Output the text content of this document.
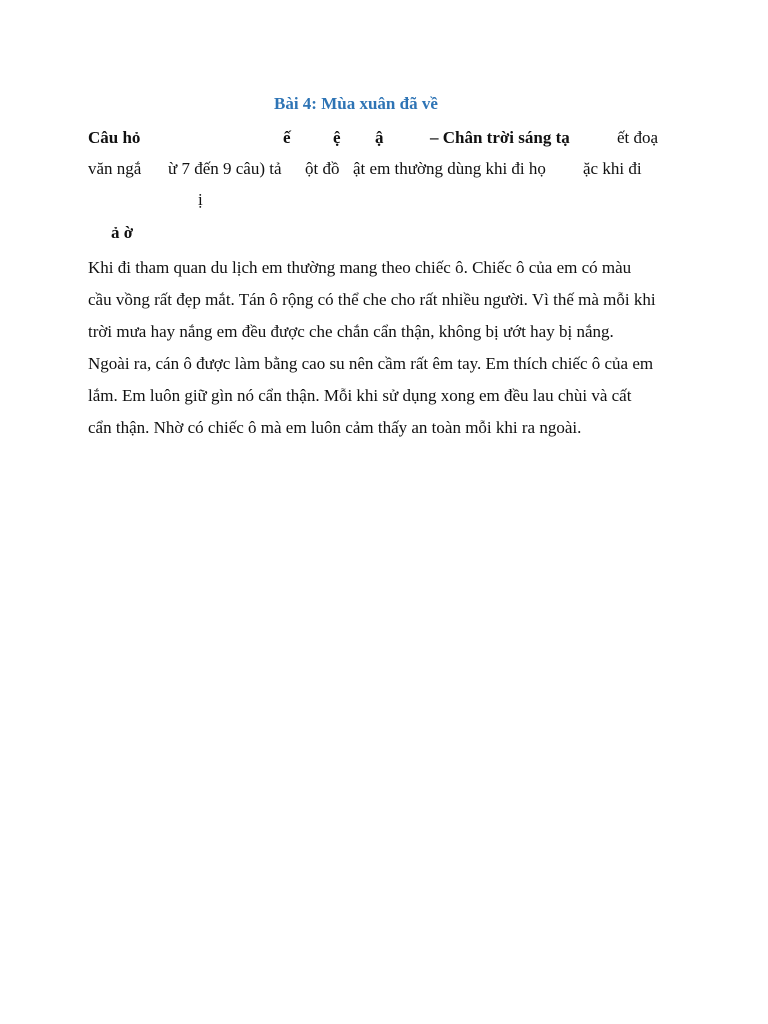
Bài 4: Mùa xuân đã về
Câu hỏ	ế ệ ậ	– Chân trời sáng tạ	ết đoạ
văn ngắ ừ 7 đến 9 câu) tả ột đồ ật em thường dùng khi đi họ ặc khi đi
ị
ả ờ
Khi đi tham quan du lịch em thường mang theo chiếc ô. Chiếc ô của em có màu
cầu vồng rất đẹp mắt. Tán ô rộng có thể che cho rất nhiều người. Vì thế mà mỗi khi
trời mưa hay nắng em đều được che chắn cẩn thận, không bị ướt hay bị nắng.
Ngoài ra, cán ô được làm bằng cao su nên cầm rất êm tay. Em thích chiếc ô của em
lắm. Em luôn giữ gìn nó cẩn thận. Mỗi khi sử dụng xong em đều lau chùi và cất
cẩn thận. Nhờ có chiếc ô mà em luôn cảm thấy an toàn mỗi khi ra ngoài.
